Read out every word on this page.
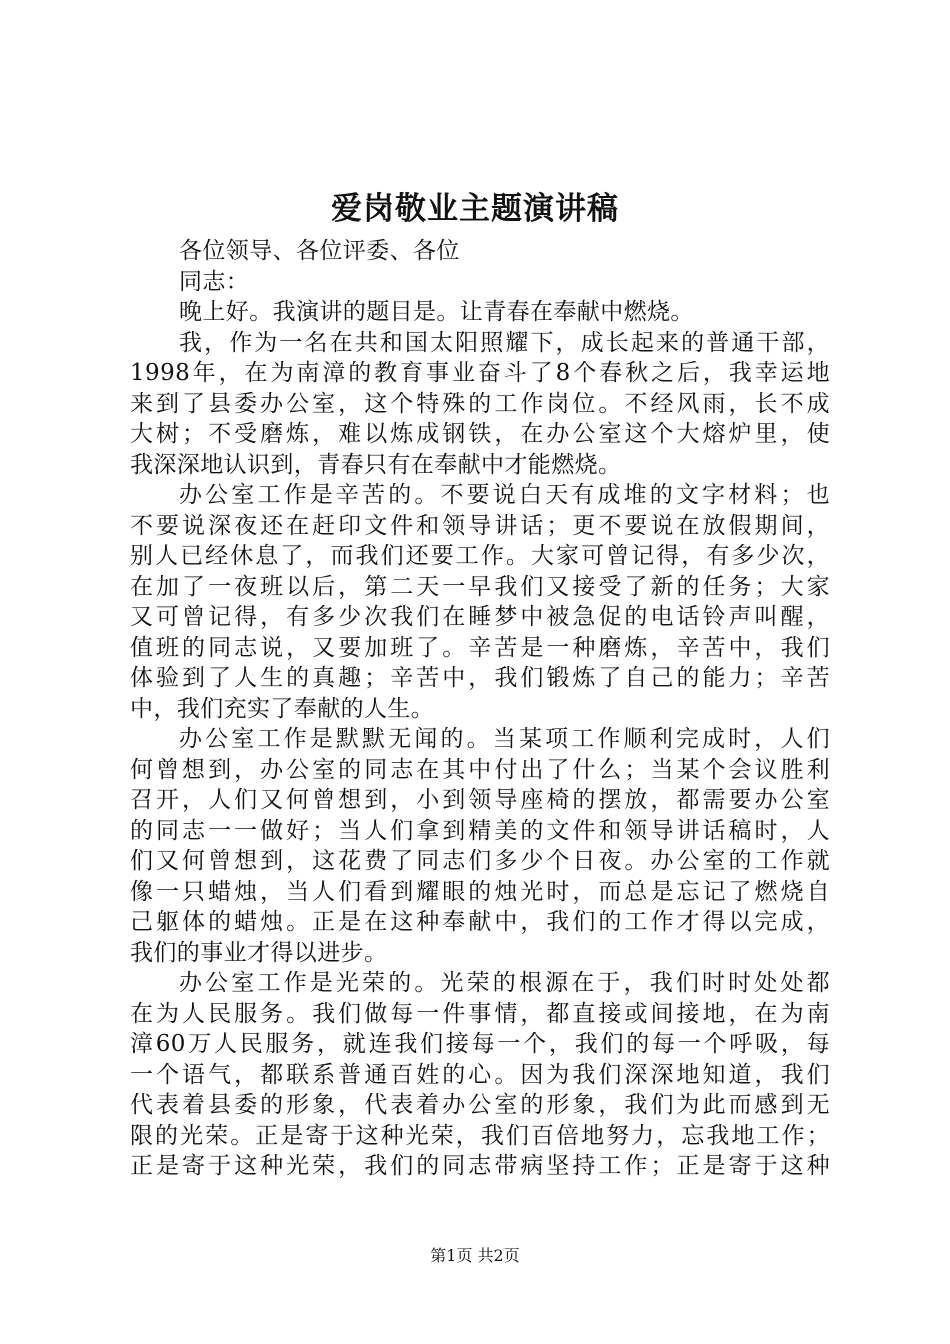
爱岗敬业主题演讲稿
各位领导、各位评委、各位
同志：
晚上好。我演讲的题目是。让青春在奉献中燃烧。
我，作为一名在共和国太阳照耀下，成长起来的普通干部，
1998年，在为南漳的教育事业奋斗了8个春秋之后，我幸运地
来到了县委办公室，这个特殊的工作岗位。不经风雨，长不成
大树；不受磨炼，难以炼成钢铁，在办公室这个大熔炉里，使
我深深地认识到，青春只有在奉献中才能燃烧。
办公室工作是辛苦的。不要说白天有成堆的文字材料；也
不要说深夜还在赶印文件和领导讲话；更不要说在放假期间，
别人已经休息了，而我们还要工作。大家可曾记得，有多少次，
在加了一夜班以后，第二天一早我们又接受了新的任务；大家
又可曾记得，有多少次我们在睡梦中被急促的电话铃声叫醒，
值班的同志说，又要加班了。辛苦是一种磨炼，辛苦中，我们
体验到了人生的真趣；辛苦中，我们锻炼了自己的能力；辛苦
中，我们充实了奉献的人生。
办公室工作是默默无闻的。当某项工作顺利完成时，人们
何曾想到，办公室的同志在其中付出了什么；当某个会议胜利
召开，人们又何曾想到，小到领导座椅的摆放，都需要办公室
的同志一一做好；当人们拿到精美的文件和领导讲话稿时，人
们又何曾想到，这花费了同志们多少个日夜。办公室的工作就
像一只蜡烛，当人们看到耀眼的烛光时，而总是忘记了燃烧自
己躯体的蜡烛。正是在这种奉献中，我们的工作才得以完成，
我们的事业才得以进步。
办公室工作是光荣的。光荣的根源在于，我们时时处处都
在为人民服务。我们做每一件事情，都直接或间接地，在为南
漳60万人民服务，就连我们接每一个，我们的每一个呼吸，每
一个语气，都联系普通百姓的心。因为我们深深地知道，我们
代表着县委的形象，代表着办公室的形象，我们为此而感到无
限的光荣。正是寄于这种光荣，我们百倍地努力，忘我地工作；
正是寄于这种光荣，我们的同志带病坚持工作；正是寄于这种
第1页 共2页
